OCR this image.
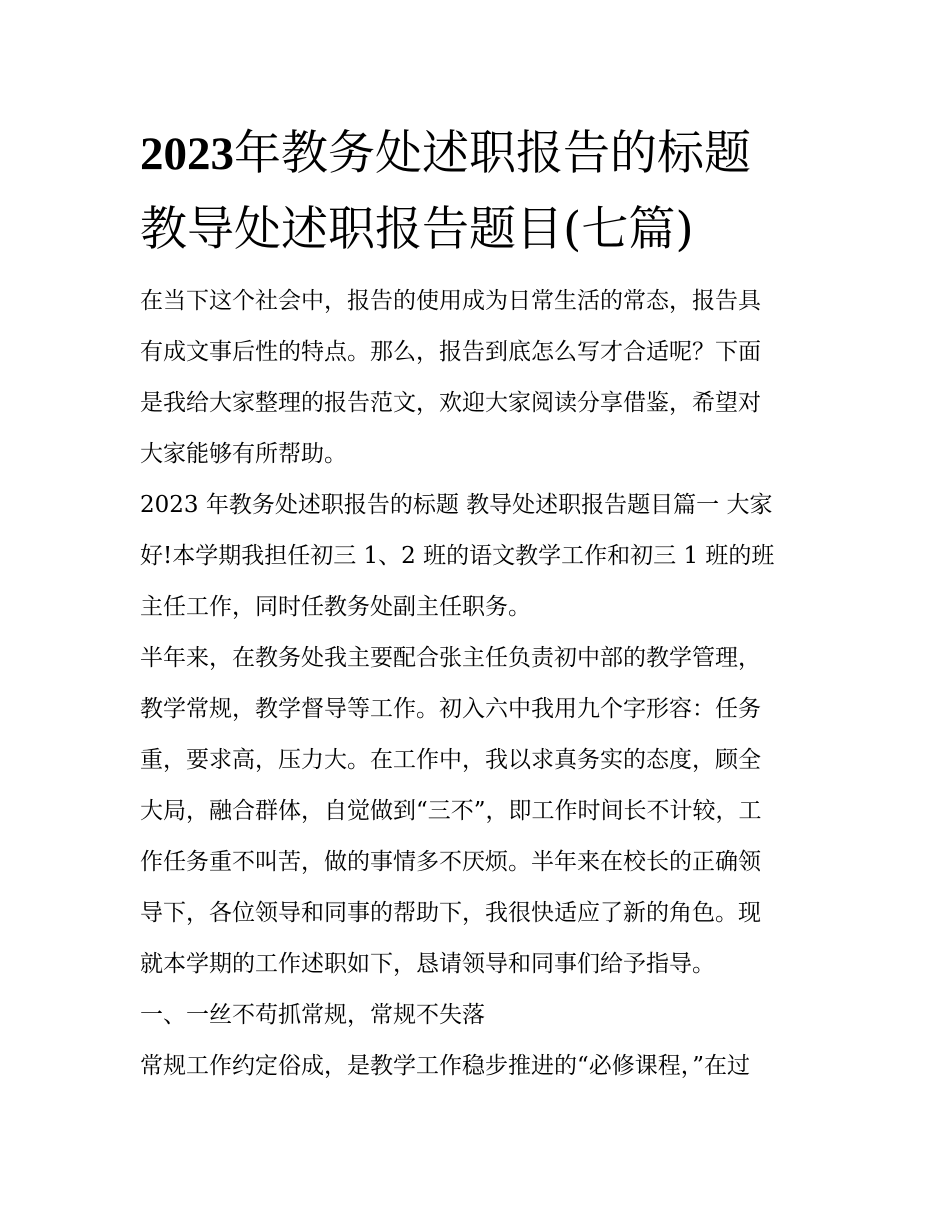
2023年教务处述职报告的标题
教导处述职报告题目(七篇)
在当下这个社会中，报告的使用成为日常生活的常态，报告具
有成文事后性的特点。那么，报告到底怎么写才合适呢？下面
是我给大家整理的报告范文，欢迎大家阅读分享借鉴，希望对
大家能够有所帮助。
2023 年教务处述职报告的标题 教导处述职报告题目篇一 大家
好!本学期我担任初三 1、2 班的语文教学工作和初三 1 班的班
主任工作，同时任教务处副主任职务。
半年来，在教务处我主要配合张主任负责初中部的教学管理，
教学常规，教学督导等工作。初入六中我用九个字形容：任务
重，要求高，压力大。在工作中，我以求真务实的态度，顾全
大局，融合群体，自觉做到“三不”，即工作时间长不计较，工
作任务重不叫苦，做的事情多不厌烦。半年来在校长的正确领
导下，各位领导和同事的帮助下，我很快适应了新的角色。现
就本学期的工作述职如下，恳请领导和同事们给予指导。
一、一丝不苟抓常规，常规不失落
常规工作约定俗成，是教学工作稳步推进的“必修课程，”在过
